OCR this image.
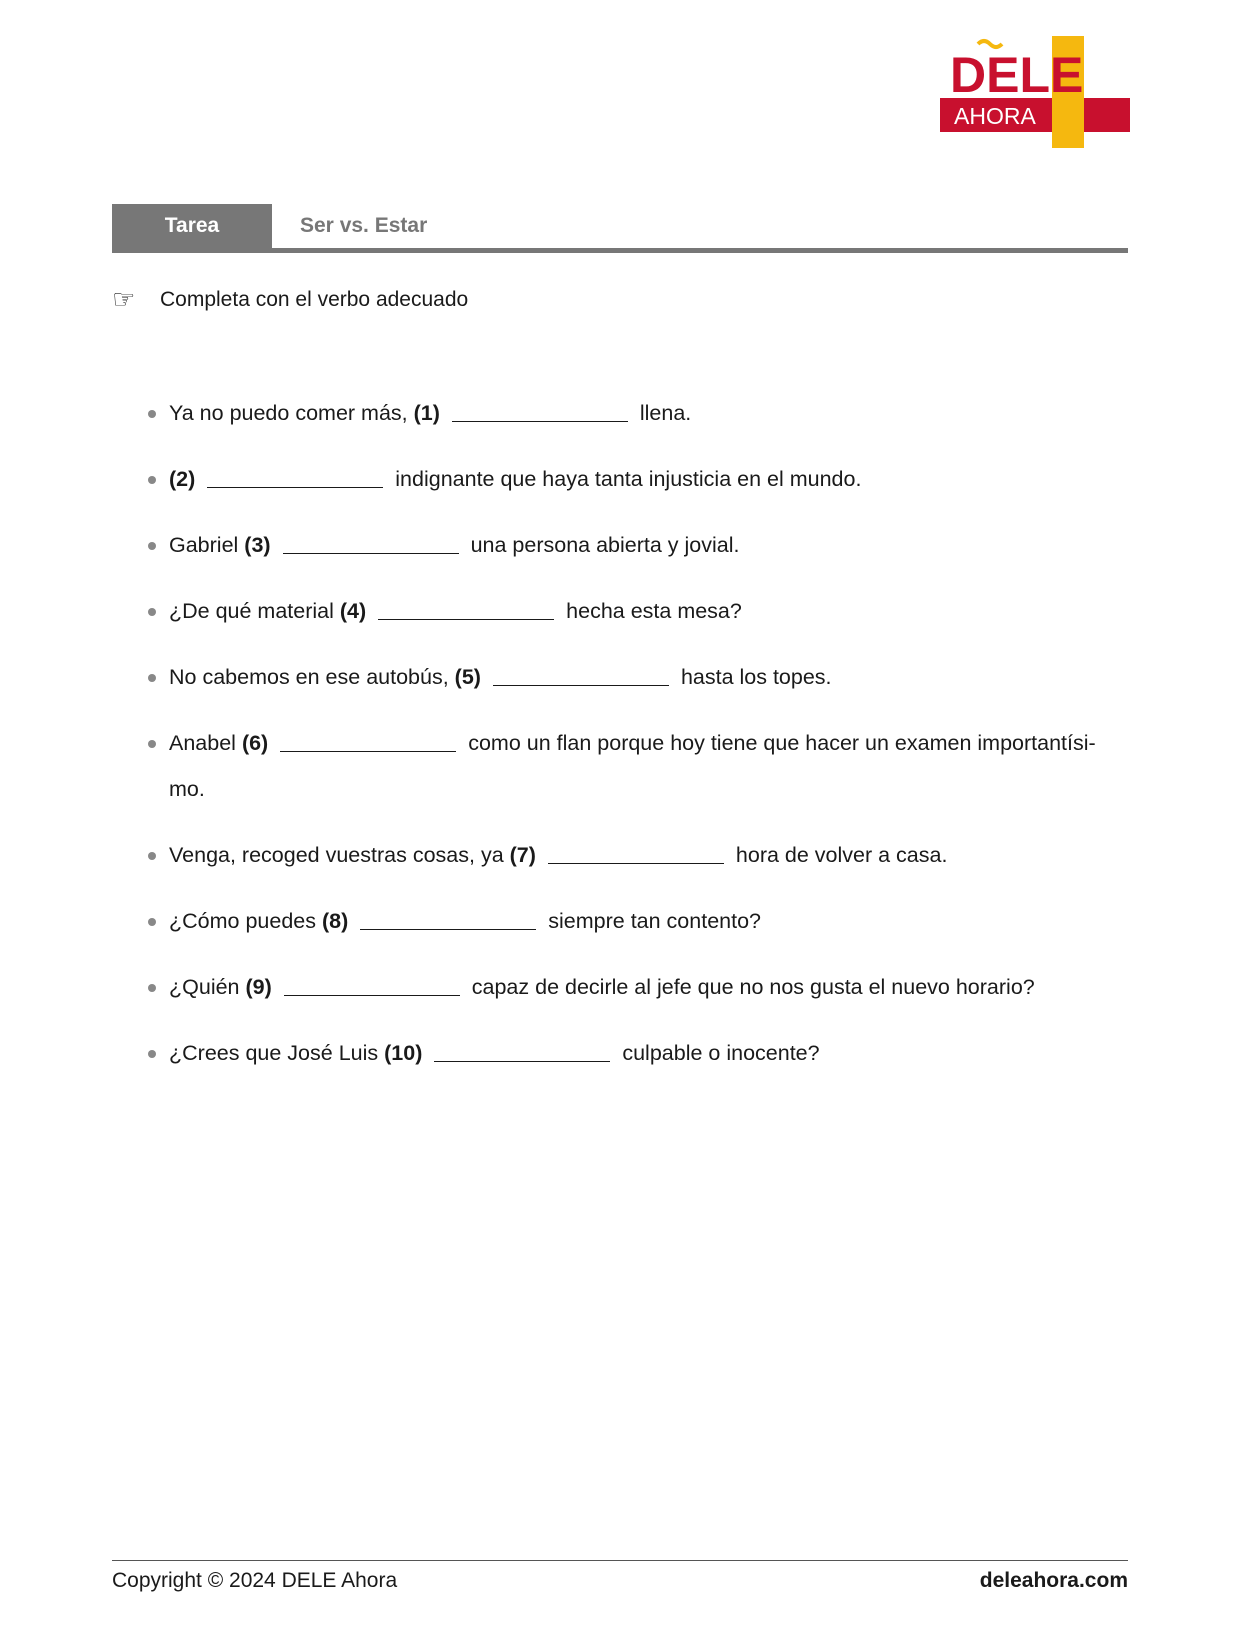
DELE
AHORA
Tarea	Ser vs. Estar
☞	Completa con el verbo adecuado
Ya no puedo comer más, (1)	llena.
(2)	indignante que haya tanta injusticia en el mundo.
Gabriel (3)	una persona abierta y jovial.
¿De qué material (4)	hecha esta mesa?
No cabemos en ese autobús, (5)	hasta los topes.
Anabel (6)	como un flan porque hoy tiene que hacer un examen importantísi-mo.
Venga, recoged vuestras cosas, ya (7)	hora de volver a casa.
¿Cómo puedes (8)	siempre tan contento?
¿Quién (9)	capaz de decirle al jefe que no nos gusta el nuevo horario?
¿Crees que José Luis (10)	culpable o inocente?
Copyright © 2024 DELE Ahora	deleahora.com
